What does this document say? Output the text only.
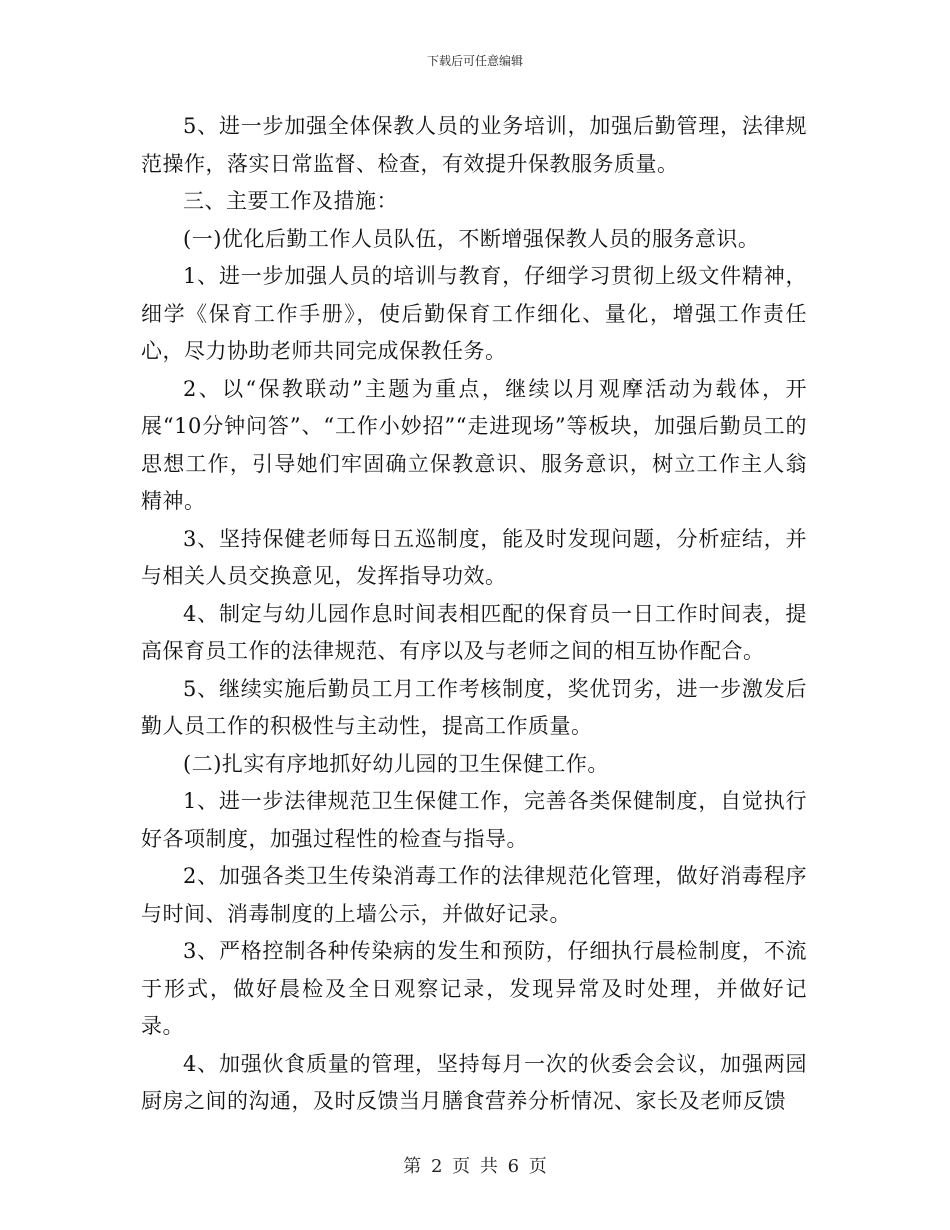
下载后可任意编辑

5、进一步加强全体保教人员的业务培训，加强后勤管理，法律规范操作，落实日常监督、检查，有效提升保教服务质量。

三、主要工作及措施：

(一)优化后勤工作人员队伍，不断增强保教人员的服务意识。

1、进一步加强人员的培训与教育，仔细学习贯彻上级文件精神，细学《保育工作手册》，使后勤保育工作细化、量化，增强工作责任心，尽力协助老师共同完成保教任务。

2、以“保教联动”主题为重点，继续以月观摩活动为载体，开展“10分钟问答”、“工作小妙招”“走进现场”等板块，加强后勤员工的思想工作，引导她们牢固确立保教意识、服务意识，树立工作主人翁精神。

3、坚持保健老师每日五巡制度，能及时发现问题，分析症结，并与相关人员交换意见，发挥指导功效。

4、制定与幼儿园作息时间表相匹配的保育员一日工作时间表，提高保育员工作的法律规范、有序以及与老师之间的相互协作配合。

5、继续实施后勤员工月工作考核制度，奖优罚劣，进一步激发后勤人员工作的积极性与主动性，提高工作质量。

(二)扎实有序地抓好幼儿园的卫生保健工作。

1、进一步法律规范卫生保健工作，完善各类保健制度，自觉执行好各项制度，加强过程性的检查与指导。

2、加强各类卫生传染消毒工作的法律规范化管理，做好消毒程序与时间、消毒制度的上墙公示，并做好记录。

3、严格控制各种传染病的发生和预防，仔细执行晨检制度，不流于形式，做好晨检及全日观察记录，发现异常及时处理，并做好记录。

4、加强伙食质量的管理，坚持每月一次的伙委会会议，加强两园厨房之间的沟通，及时反馈当月膳食营养分析情况、家长及老师反馈

第 2 页 共 6 页
